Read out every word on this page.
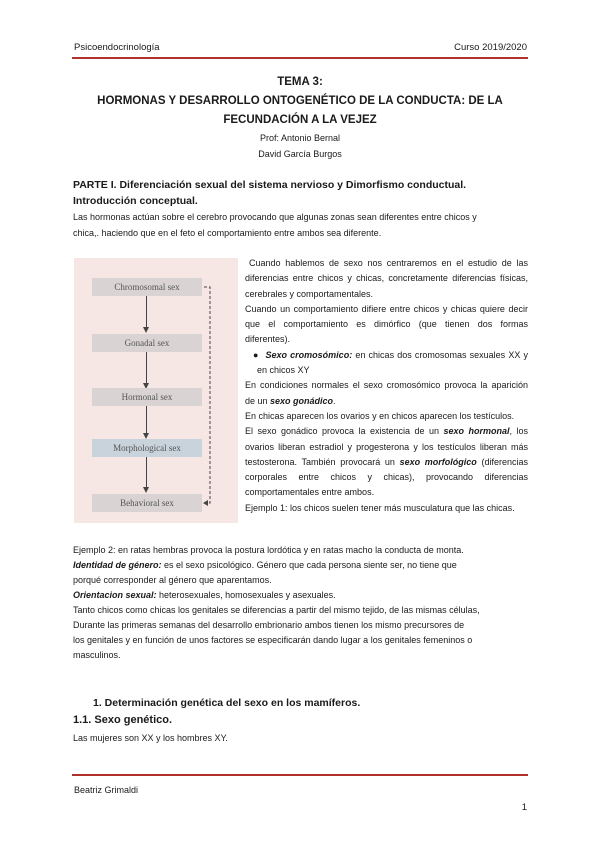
Psicoendocrinología	Curso 2019/2020
TEMA 3:
HORMONAS Y DESARROLLO ONTOGENÉTICO DE LA CONDUCTA: DE LA
FECUNDACIÓN A LA VEJEZ
Prof: Antonio Bernal
David García Burgos
PARTE I. Diferenciación sexual del sistema nervioso y Dimorfismo conductual.
Introducción conceptual.
Las hormonas actúan sobre el cerebro provocando que algunas zonas sean diferentes entre chicos y
chica,. haciendo que en el feto el comportamiento entre ambos sea diferente.
Chromosomal sex
Gonadal sex
Hormonal sex
Morphological sex
Behavioral sex

Cuando hablemos de sexo nos centraremos en el estudio de las diferencias entre chicos y chicas, concretamente diferencias físicas, cerebrales y comportamentales.

Cuando un comportamiento difiere entre chicos y chicas quiere decir que el comportamiento es dimórfico (que tienen dos formas diferentes).

●  Sexo cromosómico: en chicas dos cromosomas sexuales XX y en chicos XY

En condiciones normales el sexo cromosómico provoca la aparición de un sexo gonádico.

En chicas aparecen los ovarios y en chicos aparecen los testículos.

El sexo gonádico provoca la existencia de un sexo hormonal, los ovarios liberan estradiol y progesterona y los testículos liberan más testosterona. También provocará un sexo morfológico (diferencias corporales entre chicos y chicas), provocando diferencias comportamentales entre ambos.

Ejemplo 1: los chicos suelen tener más musculatura que las chicas.

Ejemplo 2: en ratas hembras provoca la postura lordótica y en ratas macho la conducta de monta.
Identidad de género: es el sexo psicológico. Género que cada persona siente ser, no tiene que
porqué corresponder al género que aparentamos.
Orientacion sexual: heterosexuales, homosexuales y asexuales.
Tanto chicos como chicas los genitales se diferencias a partir del mismo tejido, de las mismas células,
Durante las primeras semanas del desarrollo embrionario ambos tienen los mismo precursores de
los genitales y en función de unos factores se especificarán dando lugar a los genitales femeninos o
masculinos.
1. Determinación genética del sexo en los mamíferos.
1.1. Sexo genético.
Las mujeres son XX y los hombres XY.
Beatriz Grimaldi
1
